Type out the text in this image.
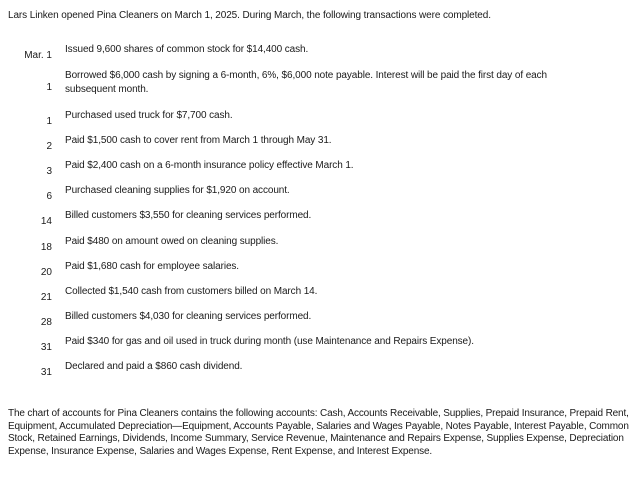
Lars Linken opened Pina Cleaners on March 1, 2025. During March, the following transactions were completed.
Mar. 1
Issued 9,600 shares of common stock for $14,400 cash.
1
Borrowed $6,000 cash by signing a 6-month, 6%, $6,000 note payable. Interest will be paid the first day of each subsequent month.
1
Purchased used truck for $7,700 cash.
2
Paid $1,500 cash to cover rent from March 1 through May 31.
3
Paid $2,400 cash on a 6-month insurance policy effective March 1.
6
Purchased cleaning supplies for $1,920 on account.
14
Billed customers $3,550 for cleaning services performed.
18
Paid $480 on amount owed on cleaning supplies.
20
Paid $1,680 cash for employee salaries.
21
Collected $1,540 cash from customers billed on March 14.
28
Billed customers $4,030 for cleaning services performed.
31
Paid $340 for gas and oil used in truck during month (use Maintenance and Repairs Expense).
31
Declared and paid a $860 cash dividend.
The chart of accounts for Pina Cleaners contains the following accounts: Cash, Accounts Receivable, Supplies, Prepaid Insurance, Prepaid Rent, Equipment, Accumulated Depreciation—Equipment, Accounts Payable, Salaries and Wages Payable, Notes Payable, Interest Payable, Common Stock, Retained Earnings, Dividends, Income Summary, Service Revenue, Maintenance and Repairs Expense, Supplies Expense, Depreciation Expense, Insurance Expense, Salaries and Wages Expense, Rent Expense, and Interest Expense.
